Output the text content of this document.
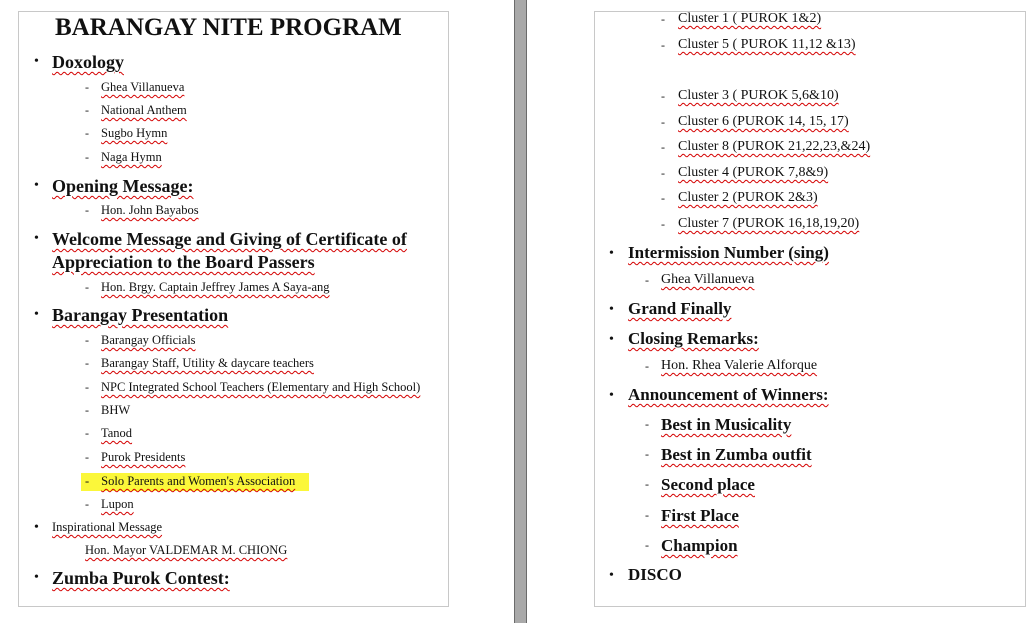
BARANGAY NITE PROGRAM
• Doxology
- Ghea Villanueva
- National Anthem
- Sugbo Hymn
- Naga Hymn
• Opening Message:
- Hon. John Bayabos
• Welcome Message and Giving of Certificate of
Appreciation to the Board Passers
- Hon. Brgy. Captain Jeffrey James A Saya-ang
• Barangay Presentation
- Barangay Officials
- Barangay Staff, Utility & daycare teachers
- NPC Integrated School Teachers (Elementary and High School)
- BHW
- Tanod
- Purok Presidents
- Solo Parents and Women's Association
- Lupon
• Inspirational Message
Hon. Mayor VALDEMAR M. CHIONG
• Zumba Purok Contest:
- Cluster 1 ( PUROK 1&2)
- Cluster 5 ( PUROK 11,12 &13)
- Cluster 3 ( PUROK 5,6&10)
- Cluster 6 (PUROK 14, 15, 17)
- Cluster 8 (PUROK 21,22,23,&24)
- Cluster 4 (PUROK 7,8&9)
- Cluster 2 (PUROK 2&3)
- Cluster 7 (PUROK 16,18,19,20)
• Intermission Number (sing)
- Ghea Villanueva
• Grand Finally
• Closing Remarks:
- Hon. Rhea Valerie Alforque
• Announcement of Winners:
- Best in Musicality
- Best in Zumba outfit
- Second place
- First Place
- Champion
• DISCO
